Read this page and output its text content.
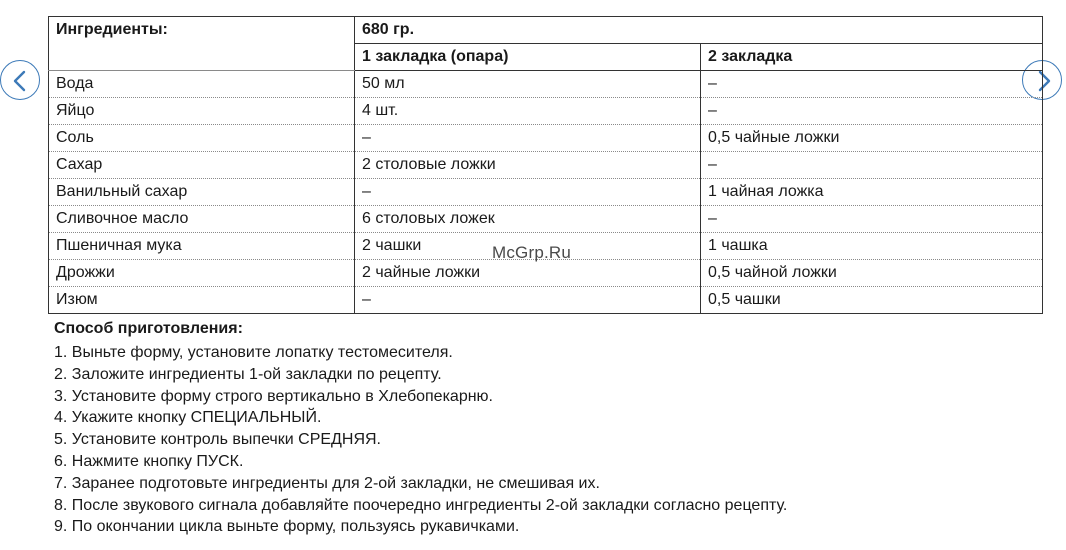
Ингредиенты:	680 гр.	
	1 закладка (опара)	2 закладка
Вода	50 мл	–
Яйцо	4 шт.	–
Соль	–	0,5 чайные ложки
Сахар	2 столовые ложки	–
Ванильный сахар	–	1 чайная ложка
Сливочное масло	6 столовых ложек	–
Пшеничная мука	2 чашки	1 чашка
Дрожжи	2 чайные ложки	0,5 чайной ложки
Изюм	–	0,5 чашки
McGrp.Ru
Способ приготовления:
1. Выньте форму, установите лопатку тестомесителя.
2. Заложите ингредиенты 1-ой закладки по рецепту.
3. Установите форму строго вертикально в Хлебопекарню.
4. Укажите кнопку СПЕЦИАЛЬНЫЙ.
5. Установите контроль выпечки СРЕДНЯЯ.
6. Нажмите кнопку ПУСК.
7. Заранее подготовьте ингредиенты для 2-ой закладки, не смешивая их.
8. После звукового сигнала добавляйте поочередно ингредиенты 2-ой закладки согласно рецепту.
9. По окончании цикла выньте форму, пользуясь рукавичками.
